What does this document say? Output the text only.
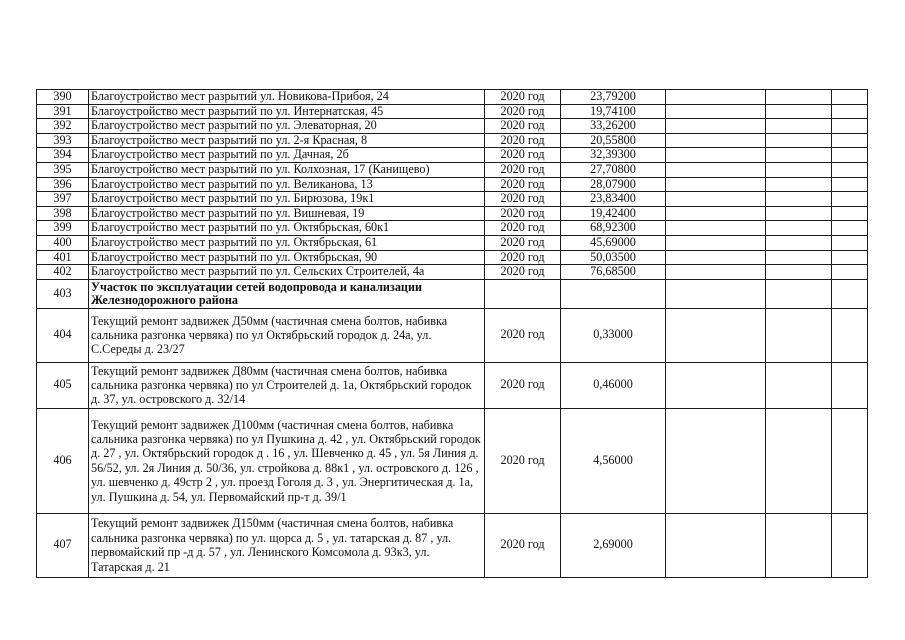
390	Благоустройство мест разрытий ул. Новикова-Прибоя, 24	2020 год	23,79200			
391	Благоустройство мест разрытий по ул. Интернатская, 45	2020 год	19,74100			
392	Благоустройство мест разрытий по ул. Элеваторная, 20	2020 год	33,26200			
393	Благоустройство мест разрытий по ул. 2-я Красная, 8	2020 год	20,55800			
394	Благоустройство мест разрытий по ул. Дачная, 2б	2020 год	32,39300			
395	Благоустройство мест разрытий по ул. Колхозная, 17 (Канищево)	2020 год	27,70800			
396	Благоустройство мест разрытий по ул. Великанова, 13	2020 год	28,07900			
397	Благоустройство мест разрытий по ул. Бирюзова, 19к1	2020 год	23,83400			
398	Благоустройство мест разрытий по ул. Вишневая, 19	2020 год	19,42400			
399	Благоустройство мест разрытий по ул. Октябрьская, 60к1	2020 год	68,92300			
400	Благоустройство мест разрытий по ул. Октябрьская, 61	2020 год	45,69000			
401	Благоустройство мест разрытий по ул. Октябрьская, 90	2020 год	50,03500			
402	Благоустройство мест разрытий по ул. Сельских Строителей, 4а	2020 год	76,68500			
403	Участок по эксплуатации сетей водопровода и канализации Железнодорожного района					
404	Текущий ремонт задвижек Д50мм (частичная смена болтов, набивка сальника разгонка червяка) по ул Октябрьский городок д. 24а, ул. С.Середы д. 23/27	2020 год	0,33000			
405	Текущий ремонт задвижек Д80мм (частичная смена болтов, набивка сальника разгонка червяка) по ул Строителей д. 1а, Октябрьский городок д. 37, ул. островского д. 32/14	2020 год	0,46000			
406	Текущий ремонт задвижек Д100мм (частичная смена болтов, набивка сальника разгонка червяка) по ул Пушкина д. 42 , ул. Октябрьский городок д. 27 , ул. Октябрьский городок д . 16 , ул. Шевченко д. 45 , ул. 5я Линия д. 56/52, ул. 2я Линия д. 50/36, ул. стройкова д. 88к1 , ул. островского д. 126 , ул. шевченко д. 49стр 2 , ул. проезд Гоголя д. 3 , ул. Энергитическая д. 1а, ул. Пушкина д. 54, ул. Первомайский пр-т д. 39/1	2020 год	4,56000			
407	Текущий ремонт задвижек Д150мм (частичная смена болтов, набивка сальника разгонка червяка) по ул. щорса д. 5 , ул. татарская д. 87 , ул. первомайский пр -д д. 57 , ул. Ленинского Комсомола д. 93к3, ул. Татарская д. 21	2020 год	2,69000			
